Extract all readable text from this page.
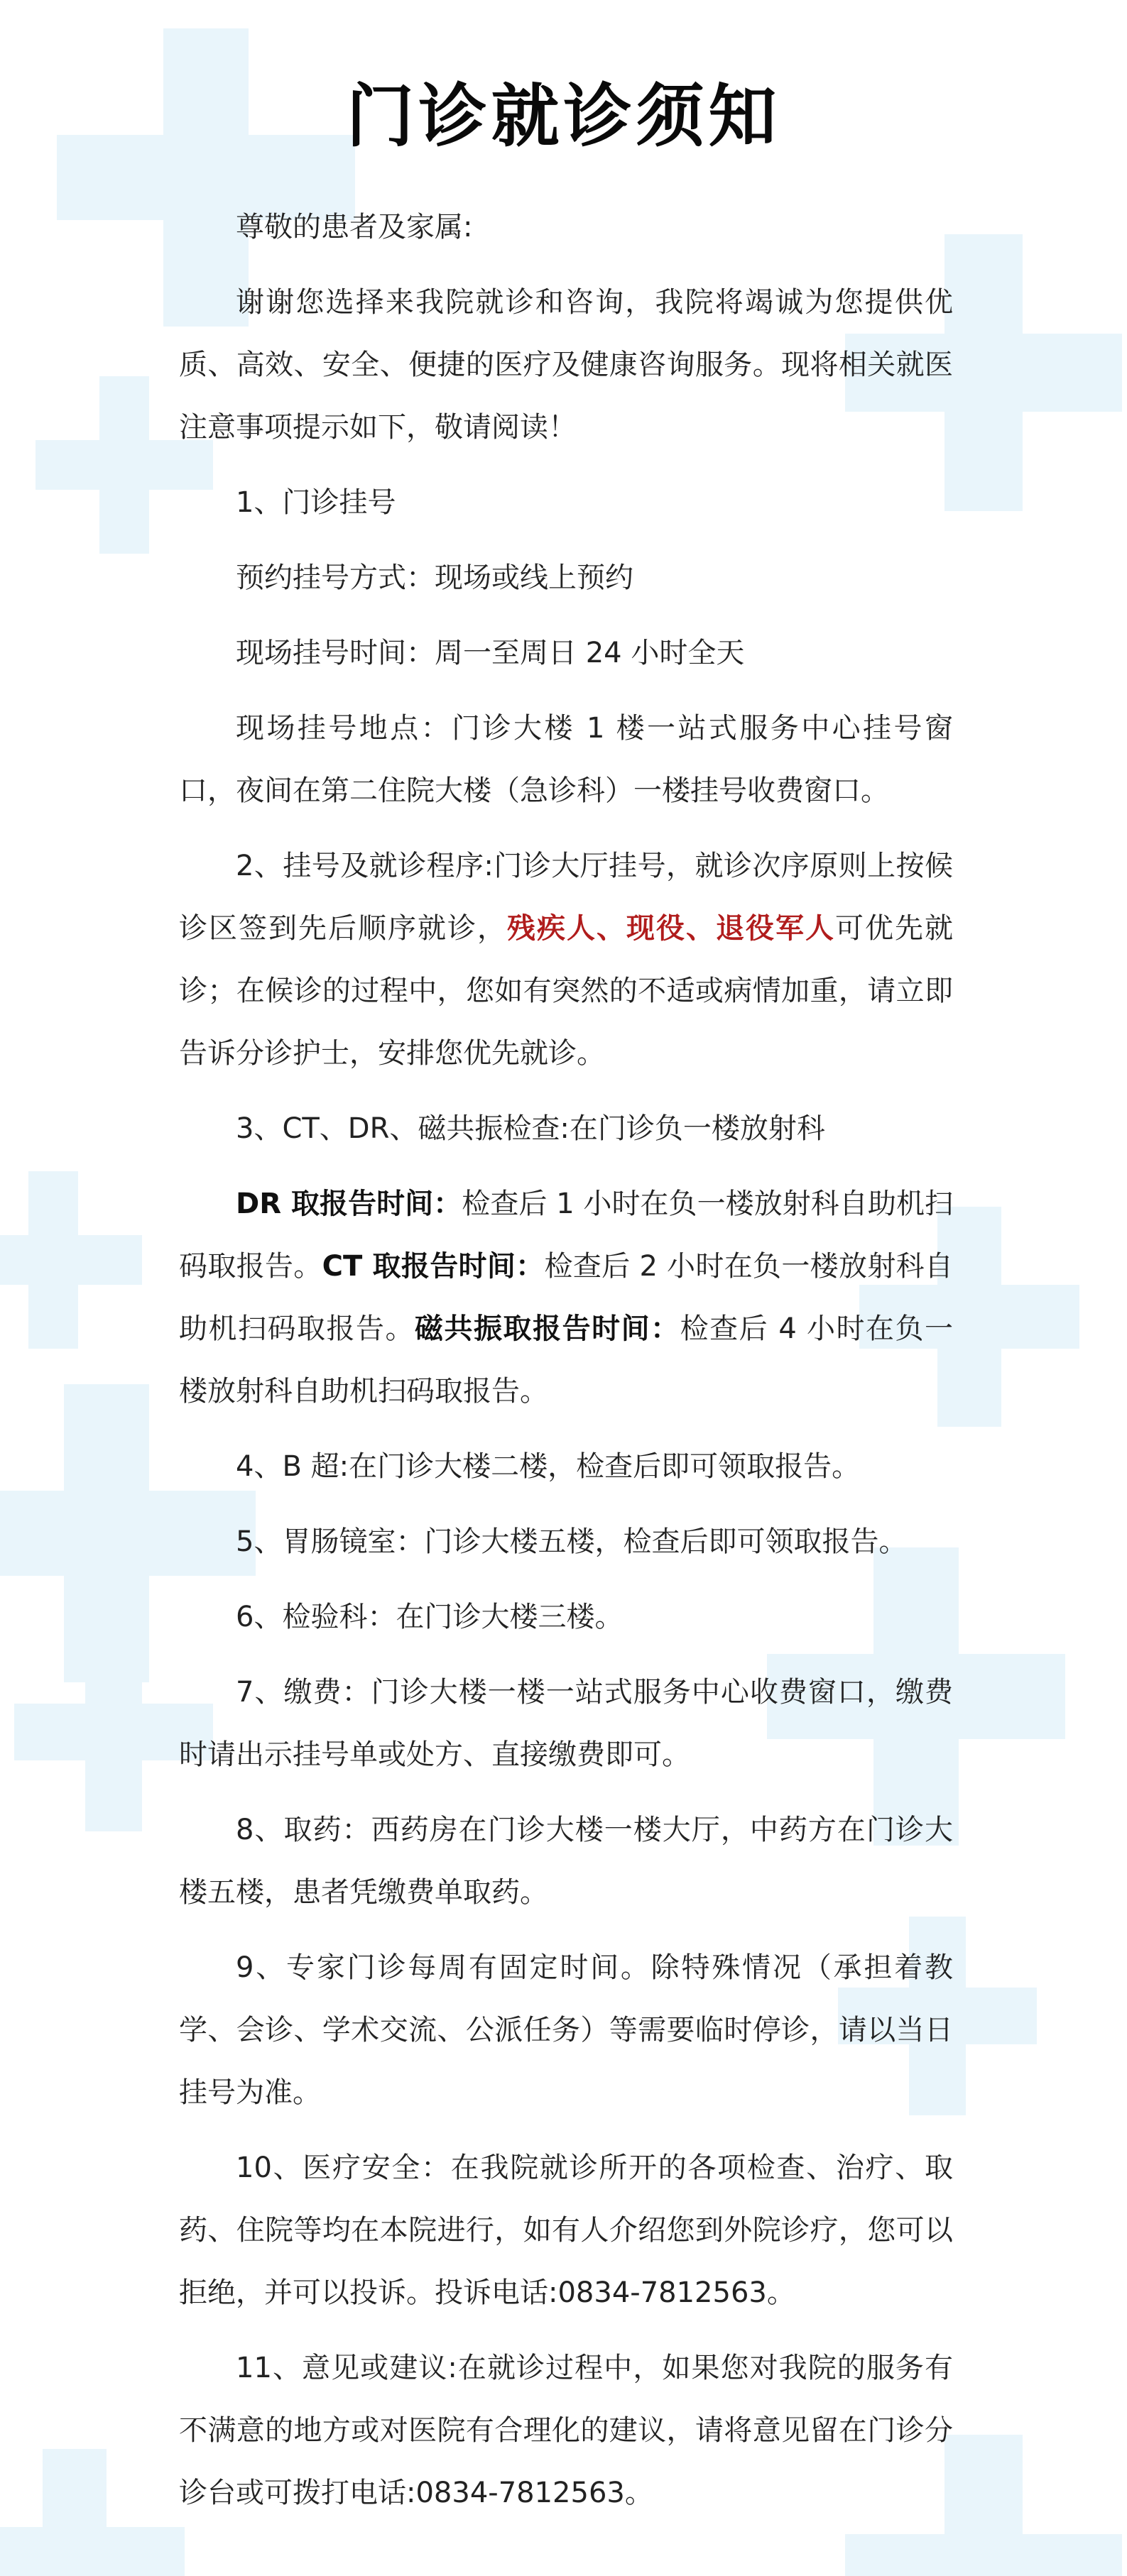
门诊就诊须知

尊敬的患者及家属:

谢谢您选择来我院就诊和咨询，我院将竭诚为您提供优质、高效、安全、便捷的医疗及健康咨询服务。现将相关就医注意事项提示如下，敬请阅读！

1、门诊挂号

预约挂号方式：现场或线上预约

现场挂号时间：周一至周日 24 小时全天

现场挂号地点：门诊大楼 1 楼一站式服务中心挂号窗口，夜间在第二住院大楼（急诊科）一楼挂号收费窗口。

2、挂号及就诊程序:门诊大厅挂号，就诊次序原则上按候诊区签到先后顺序就诊，残疾人、现役、退役军人可优先就诊；在候诊的过程中，您如有突然的不适或病情加重，请立即告诉分诊护士，安排您优先就诊。

3、CT、DR、磁共振检查:在门诊负一楼放射科

DR 取报告时间：检查后 1 小时在负一楼放射科自助机扫码取报告。CT 取报告时间：检查后 2 小时在负一楼放射科自助机扫码取报告。磁共振取报告时间：检查后 4 小时在负一楼放射科自助机扫码取报告。

4、B 超:在门诊大楼二楼，检查后即可领取报告。

5、胃肠镜室：门诊大楼五楼，检查后即可领取报告。

6、检验科：在门诊大楼三楼。

7、缴费：门诊大楼一楼一站式服务中心收费窗口，缴费时请出示挂号单或处方、直接缴费即可。

8、取药：西药房在门诊大楼一楼大厅，中药方在门诊大楼五楼，患者凭缴费单取药。

9、专家门诊每周有固定时间。除特殊情况（承担着教学、会诊、学术交流、公派任务）等需要临时停诊，请以当日挂号为准。

10、医疗安全：在我院就诊所开的各项检查、治疗、取药、住院等均在本院进行，如有人介绍您到外院诊疗，您可以拒绝，并可以投诉。投诉电话:0834-7812563。

11、意见或建议:在就诊过程中，如果您对我院的服务有不满意的地方或对医院有合理化的建议，请将意见留在门诊分诊台或可拨打电话:0834-7812563。
